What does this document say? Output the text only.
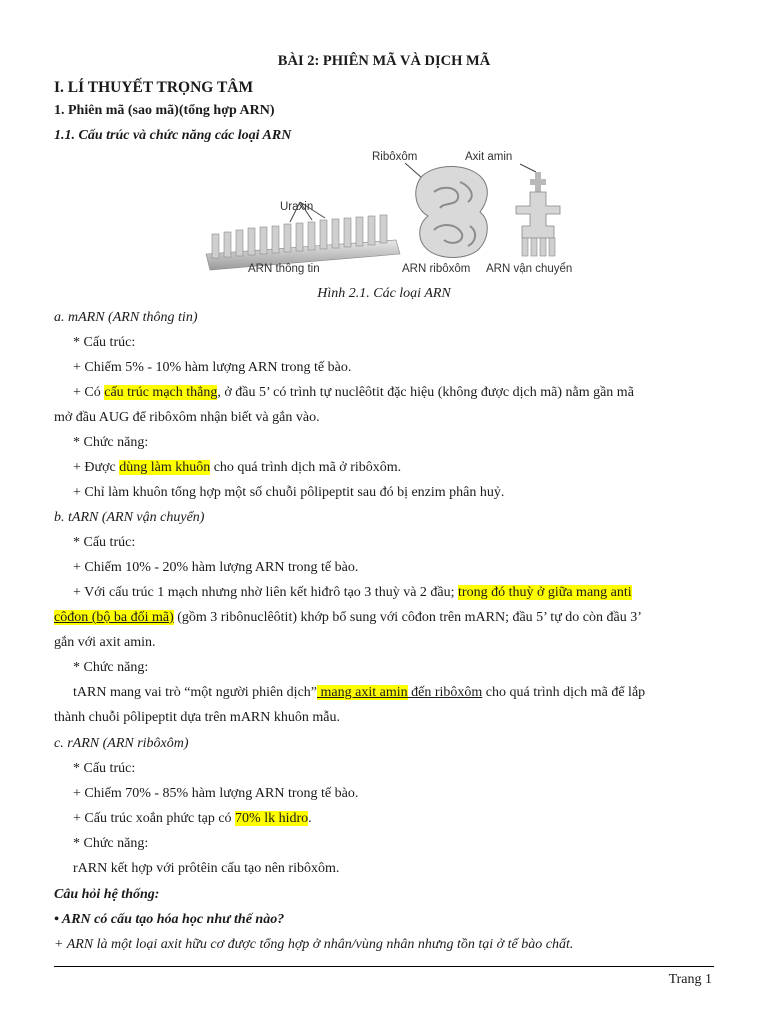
BÀI 2: PHIÊN MÃ VÀ DỊCH MÃ
I. LÍ THUYẾT TRỌNG TÂM
1. Phiên mã (sao mã)(tổng hợp ARN)
1.1. Cấu trúc và chức năng các loại ARN
Uraxin
ARN thông tin
Ribôxôm
ARN ribôxôm
Axit amin
ARN vận chuyển
Hình 2.1. Các loại ARN
a. mARN (ARN thông tin)
* Cấu trúc:
+ Chiếm 5% - 10% hàm lượng ARN trong tế bào.
+ Có cấu trúc mạch thẳng, ở đầu 5’ có trình tự nuclêôtit đặc hiệu (không được dịch mã) nằm gần mã
mở đầu AUG để ribôxôm nhận biết và gắn vào.
* Chức năng:
+ Được dùng làm khuôn cho quá trình dịch mã ở ribôxôm.
+ Chỉ làm khuôn tổng hợp một số chuỗi pôlipeptit sau đó bị enzim phân huỷ.
b. tARN (ARN vận chuyển)
* Cấu trúc:
+ Chiếm 10% - 20% hàm lượng ARN trong tế bào.
+ Với cấu trúc 1 mạch nhưng nhờ liên kết hiđrô tạo 3 thuỳ và 2 đầu; trong đó thuỳ ở giữa mang anti
côđon (bộ ba đối mã) (gồm 3 ribônuclêôtit) khớp bổ sung với côđon trên mARN; đầu 5’ tự do còn đầu 3’
gắn với axit amin.
* Chức năng:
tARN mang vai trò “một người phiên dịch” mang axit amin đến ribôxôm cho quá trình dịch mã để lắp
thành chuỗi pôlipeptit dựa trên mARN khuôn mẫu.
c. rARN (ARN ribôxôm)
* Cấu trúc:
+ Chiếm 70% - 85% hàm lượng ARN trong tế bào.
+ Cấu trúc xoắn phức tạp có 70% lk hidro.
* Chức năng:
rARN kết hợp với prôtêin cấu tạo nên ribôxôm.
Câu hỏi hệ thống:
• ARN có cấu tạo hóa học như thế nào?
+ ARN là một loại axit hữu cơ được tổng hợp ở nhân/vùng nhân nhưng tồn tại ở tế bào chất.
Trang 1
